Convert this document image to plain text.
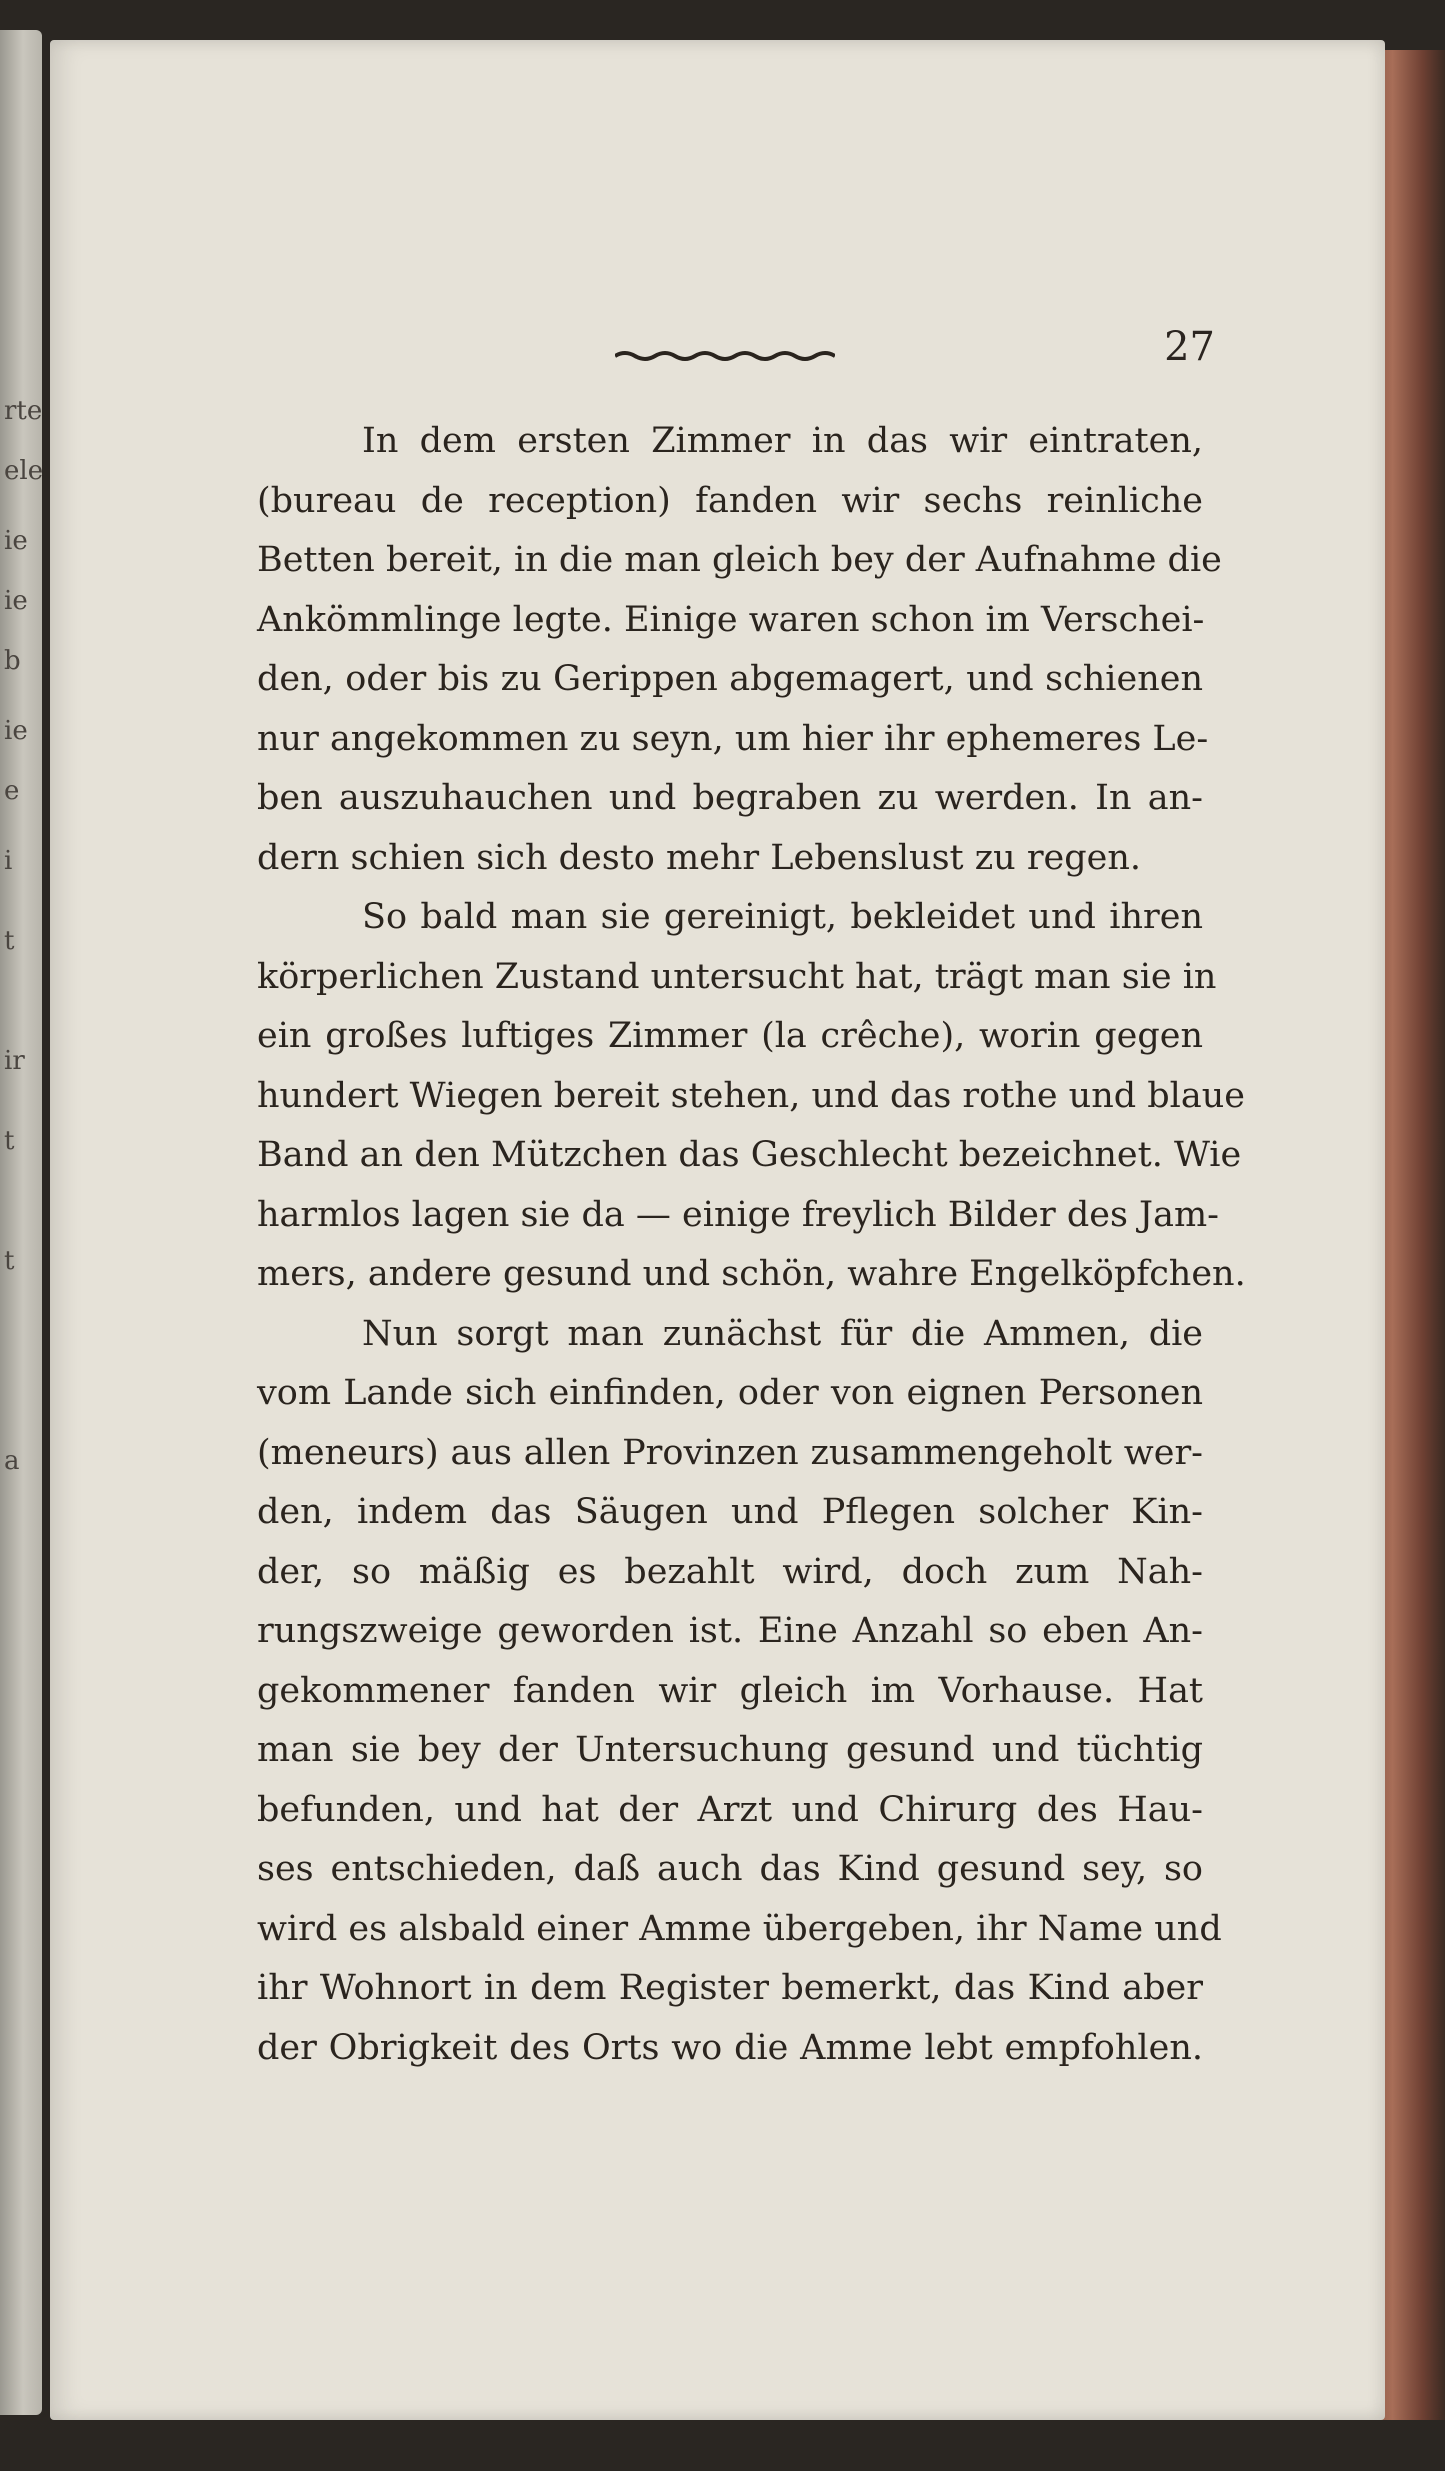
rte
ele
ie
ie
b
ie
e
i
t
ir
t
t
a
27
In dem ersten Zimmer in das wir eintraten,
(bureau de reception) fanden wir sechs reinliche
Betten bereit, in die man gleich bey der Aufnahme die
Ankömmlinge legte. Einige waren schon im Verschei-
den, oder bis zu Gerippen abgemagert, und schienen
nur angekommen zu seyn, um hier ihr ephemeres Le-
ben auszuhauchen und begraben zu werden. In an-
dern schien sich desto mehr Lebenslust zu regen.
So bald man sie gereinigt, bekleidet und ihren
körperlichen Zustand untersucht hat, trägt man sie in
ein großes luftiges Zimmer (la crêche), worin gegen
hundert Wiegen bereit stehen, und das rothe und blaue
Band an den Mützchen das Geschlecht bezeichnet. Wie
harmlos lagen sie da — einige freylich Bilder des Jam-
mers, andere gesund und schön, wahre Engelköpfchen.
Nun sorgt man zunächst für die Ammen, die
vom Lande sich einfinden, oder von eignen Personen
(meneurs) aus allen Provinzen zusammengeholt wer-
den, indem das Säugen und Pflegen solcher Kin-
der, so mäßig es bezahlt wird, doch zum Nah-
rungszweige geworden ist. Eine Anzahl so eben An-
gekommener fanden wir gleich im Vorhause. Hat
man sie bey der Untersuchung gesund und tüchtig
befunden, und hat der Arzt und Chirurg des Hau-
ses entschieden, daß auch das Kind gesund sey, so
wird es alsbald einer Amme übergeben, ihr Name und
ihr Wohnort in dem Register bemerkt, das Kind aber
der Obrigkeit des Orts wo die Amme lebt empfohlen.
